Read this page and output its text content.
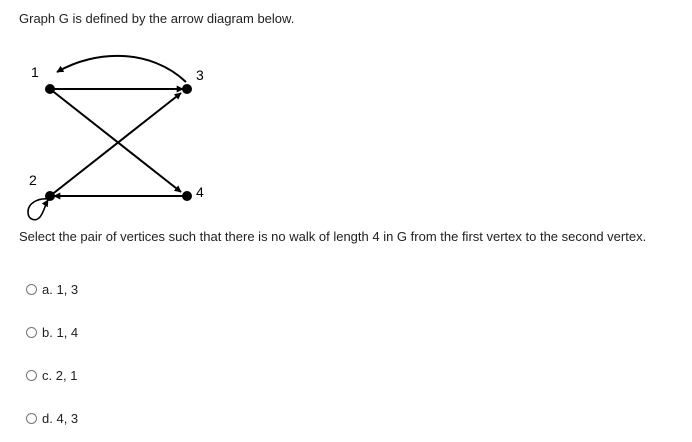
Graph G is defined by the arrow diagram below.
1	3
2
4
Select the pair of vertices such that there is no walk of length 4 in G from the first vertex to the second vertex.
a. 1, 3
b. 1, 4
c. 2, 1
d. 4, 3
